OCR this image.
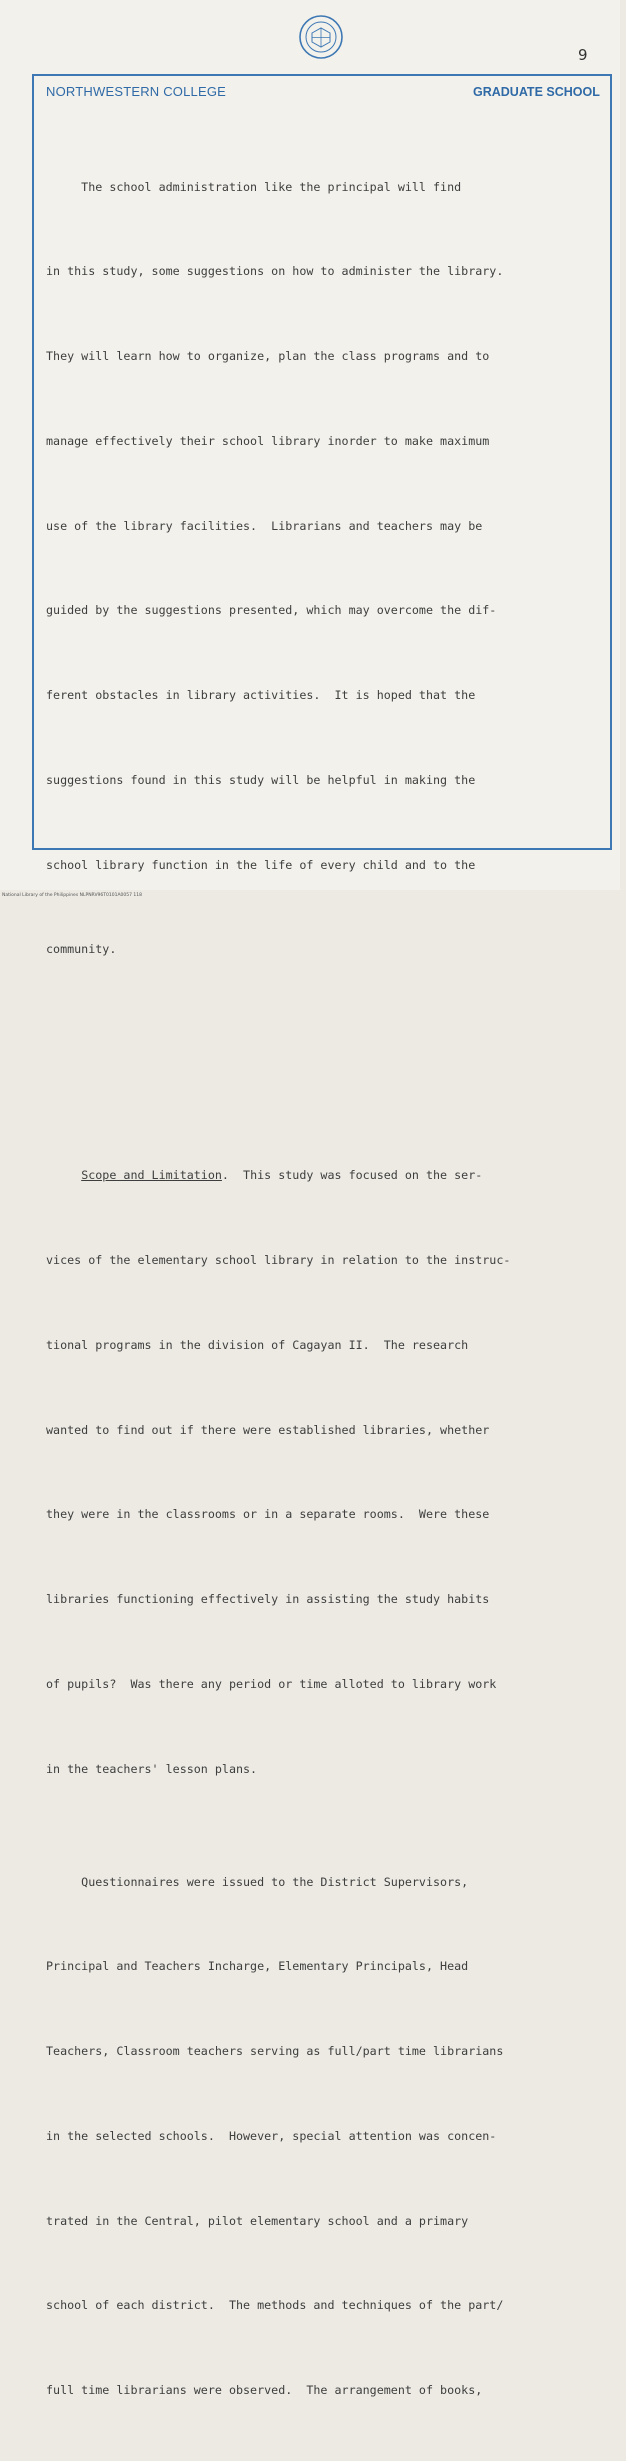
9
NORTHWESTERN COLLEGE	GRADUATE SCHOOL

The school administration like the principal will find

in this study, some suggestions on how to administer the library.

They will learn how to organize, plan the class programs and to

manage effectively their school library inorder to make maximum

use of the library facilities.  Librarians and teachers may be

guided by the suggestions presented, which may overcome the dif-

ferent obstacles in library activities.  It is hoped that the

suggestions found in this study will be helpful in making the

school library function in the life of every child and to the

community.

Scope and Limitation.  This study was focused on the ser-

vices of the elementary school library in relation to the instruc-

tional programs in the division of Cagayan II.  The research

wanted to find out if there were established libraries, whether

they were in the classrooms or in a separate rooms.  Were these

libraries functioning effectively in assisting the study habits

of pupils?  Was there any period or time alloted to library work

in the teachers' lesson plans.

Questionnaires were issued to the District Supervisors,

Principal and Teachers Incharge, Elementary Principals, Head

Teachers, Classroom teachers serving as full/part time librarians

in the selected schools.  However, special attention was concen-

trated in the Central, pilot elementary school and a primary

school of each district.  The methods and techniques of the part/

full time librarians were observed.  The arrangement of books,

National Library of the Philippines NLPNRV96T0101A0057 118
